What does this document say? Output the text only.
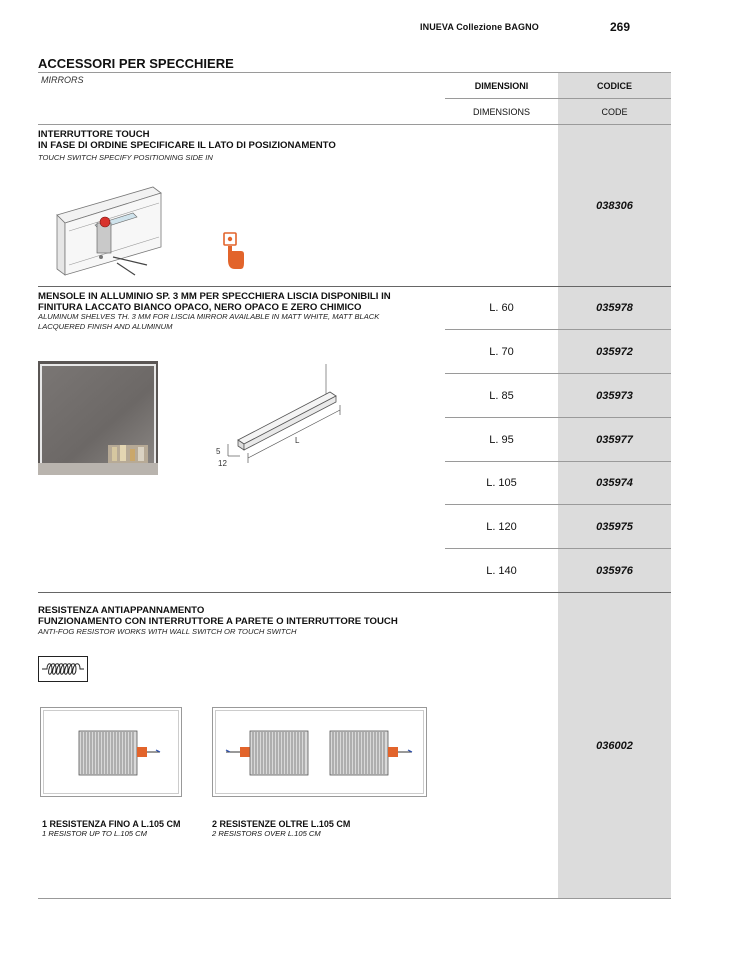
INUEVA Collezione BAGNO	269
ACCESSORI PER SPECCHIERE
MIRRORS
DIMENSIONI	CODICE
DIMENSIONS	CODE
INTERRUTTORE TOUCH
IN FASE DI ORDINE SPECIFICARE IL LATO DI POSIZIONAMENTO
TOUCH SWITCH SPECIFY POSITIONING SIDE IN
038306
MENSOLE IN ALLUMINIO SP. 3 MM PER SPECCHIERA LISCIA DISPONIBILI IN
FINITURA LACCATO BIANCO OPACO, NERO OPACO E ZERO CHIMICO
ALUMINUM SHELVES TH. 3 MM FOR LISCIA MIRROR AVAILABLE IN MATT WHITE, MATT BLACK
LACQUERED FINISH AND ALUMINUM
L
5
12
L. 60	035978
L. 70	035972
L. 85	035973
L. 95	035977
L. 105	035974
L. 120	035975
L. 140	035976
RESISTENZA ANTIAPPANNAMENTO
FUNZIONAMENTO CON INTERRUTTORE A PARETE O INTERRUTTORE TOUCH
ANTI-FOG RESISTOR WORKS WITH WALL SWITCH OR TOUCH SWITCH
036002
1 RESISTENZA FINO A L.105 CM
1 RESISTOR UP TO L.105 CM
2 RESISTENZE OLTRE L.105 CM
2 RESISTORS OVER L.105 CM
